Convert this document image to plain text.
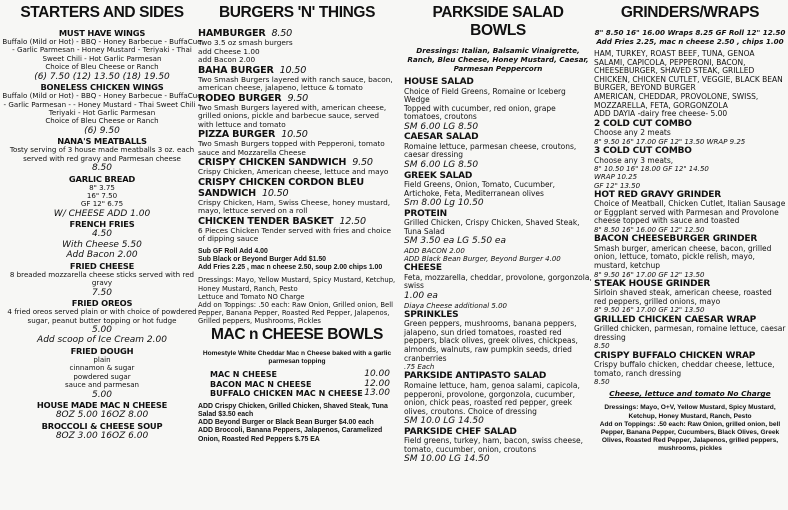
STARTERS AND SIDES
MUST HAVE WINGS
Buffalo (Mild or Hot) - BBQ - Honey Barbecue - BuffaCue - Garlic Parmesan - Honey Mustard - Teriyaki - Thai Sweet Chili - Hot Garlic Parmesan
Choice of Bleu Cheese or Ranch
(6) 7.50 (12) 13.50 (18) 19.50
BONELESS CHICKEN WINGS
Buffalo (Mild or Hot) - BBQ - Honey Barbecue - BuffaCue - Garlic Parmesan - - Honey Mustard - Thai Sweet Chili - Teriyaki - Hot Garlic Parmesan
Choice of Bleu Cheese or Ranch
(6) 9.50
NANA'S MEATBALLS
Tosty serving of 3 house made meatballs 3 oz. each served with red gravy and Parmesan cheese
8.50
GARLIC BREAD
8" 3.75
16" 7.50
GF 12" 6.75
W/ CHEESE ADD 1.00
FRENCH FRIES
4.50
With Cheese 5.50
Add Bacon 2.00
FRIED CHEESE
8 breaded mozzarella cheese sticks served with red gravy
7.50
FRIED OREOS
4 fried oreos served plain or with choice of powdered sugar, peanut butter topping or hot fudge
5.00
Add scoop of Ice Cream 2.00
FRIED DOUGH
plain
cinnamon & sugar
powdered sugar
sauce and parmesan
5.00
HOUSE MADE MAC N CHEESE
8OZ 5.00 16OZ 8.00
BROCCOLI & CHEESE SOUP
8OZ 3.00 16OZ 6.00
BURGERS 'N' THINGS
HAMBURGER 8.50
Two 3.5 oz smash burgers
add Cheese 1.00
add Bacon 2.00
BAHA BURGER 10.50
Two Smash Burgers layered with ranch sauce, bacon, american cheese, jalapeno, lettuce & tomato
RODEO BURGER 9.50
Two Smash Burgers layered with, american cheese, grilled onions, pickle and barbecue sauce, served with lettuce and tomato
PIZZA BURGER 10.50
Two Smash Burgers topped with Pepperoni, tomato sauce and Mozzarella Cheese
CRISPY CHICKEN SANDWICH 9.50
Crispy Chicken, American cheese, lettuce and mayo
CRISPY CHICKEN CORDON BLEU SANDWICH 10.50
Crispy Chicken, Ham, Swiss Cheese, honey mustard, mayo, lettuce served on a roll
CHICKEN TENDER BASKET 12.50
6 Pieces Chicken Tender served with fries and choice of dipping sauce
Sub GF Roll Add 4.00
Sub Black or Beyond Burger Add $1.50
Add Fries 2.25 , mac n cheese 2.50, soup 2.00 chips 1.00
Dressings: Mayo, Yellow Mustard, Spicy Mustard, Ketchup, Honey Mustard, Ranch, Pesto
Lettuce and Tomato NO Charge
Add on Toppings: .50 each: Raw Onion, Grilled onion, Bell Pepper, Banana Pepper, Roasted Red Pepper, Jalapenos, Grilled peppers, Mushrooms, Pickles
MAC n CHEESE BOWLS
Homestyle White Cheddar Mac n Cheese baked with a garlic parmesan topping
MAC N CHEESE	10.00
BACON MAC N CHEESE	12.00
BUFFALO CHICKEN MAC N CHEESE 13.00
ADD Crispy Chicken, Grilled Chicken, Shaved Steak, Tuna Salad $3.50 each
ADD Beyond Burger or Black Bean Burger $4.00 each
ADD Broccoli, Banana Peppers, Jalapenos, Caramelized Onion, Roasted Red Peppers $.75 EA
PARKSIDE SALAD BOWLS
Dressings: Italian, Balsamic Vinaigrette, Ranch, Bleu Cheese, Honey Mustard, Caesar, Parmesan Peppercorn
HOUSE SALAD
Choice of Field Greens, Romaine or Iceberg Wedge
Topped with cucumber, red onion, grape tomatoes, croutons
SM 6.00 LG 8.50
CAESAR SALAD
Romaine lettuce, parmesan cheese, croutons, caesar dressing
SM 6.00 LG 8.50
GREEK SALAD
Field Greens, Onion, Tomato, Cucumber, Artichoke, Feta, Mediterranean olives
Sm 8.00 Lg 10.50
PROTEIN
Grilled Chicken, Crispy Chicken, Shaved Steak, Tuna Salad
SM 3.50 ea LG 5.50 ea
ADD BACON 2.00
ADD Black Bean Burger, Beyond Burger 4.00
CHEESE
Feta, mozzarella, cheddar, provolone, gorgonzola, swiss
1.00 ea
Diaya Cheese additional 5.00
SPRINKLES
Green peppers, mushrooms, banana peppers, jalapeno, sun dried tomatoes, roasted red peppers, black olives, greek olives, chickpeas, almonds, walnuts, raw pumpkin seeds, dried cranberries
.75 Each
PARKSIDE ANTIPASTO SALAD
Romaine lettuce, ham, genoa salami, capicola, pepperoni, provolone, gorgonzola, cucumber, onion, chick peas, roasted red pepper, greek olives, croutons. Choice of dressing
SM 10.0 LG 14.50
PARKSIDE CHEF SALAD
Field greens, turkey, ham, bacon, swiss cheese, tomato, cucumber, onion, croutons
SM 10.00 LG 14.50
GRINDERS/WRAPS
8" 8.50 16" 16.00 Wraps 8.25 GF Roll 12" 12.50 Add Fries 2.25, mac n cheese 2.50 , chips 1.00
HAM, TURKEY, ROAST BEEF, TUNA, GENOA SALAMI, CAPICOLA, PEPPERONI, BACON, CHEESEBURGER, SHAVED STEAK, GRILLED CHICKEN, CHICKEN CUTLET, VEGGIE, BLACK BEAN BURGER, BEYOND BURGER
AMERICAN, CHEDDAR, PROVOLONE, SWISS, MOZZARELLA, FETA, GORGONZOLA
ADD DAYIA -dairy free cheese- 5.00
2 COLD CUT COMBO
Choose any 2 meats
8" 9.50 16" 17.00 GF 12" 13.50 WRAP 9.25
3 COLD CUT COMBO
Choose any 3 meats,
8" 10.50 16" 18.00 GF 12" 14.50
WRAP 10.25
GF 12" 13.50
HOT RED GRAVY GRINDER
Choice of Meatball, Chicken Cutlet, Italian Sausage or Eggplant served with Parmesan and Provolone cheese topped with sauce and toasted
8" 8.50 16" 16.00 GF 12" 12.50
BACON CHEESEBURGER GRINDER
Smash burger, american cheese, bacon, grilled onion, lettuce, tomato, pickle relish, mayo, mustard, ketchup
8" 9.50 16" 17.00 GF 12" 13.50
STEAK HOUSE GRINDER
Sirloin shaved steak, american cheese, roasted red peppers, grilled onions, mayo
8" 9.50 16" 17.00 GF 12" 13.50
GRILLED CHICKEN CAESAR WRAP
Grilled chicken, parmesan, romaine lettuce, caesar dressing
8.50
CRISPY BUFFALO CHICKEN WRAP
Crispy buffalo chicken, cheddar cheese, lettuce, tomato, ranch dressing
8.50
Cheese, lettuce and tomato No Charge
Dressings: Mayo, O+V, Yellow Mustard, Spicy Mustard, Ketchup, Honey Mustard, Ranch, Pesto
Add on Toppings: .50 each: Raw Onion, grilled onion, bell Pepper, Banana Pepper, Cucumbers, Black Olives, Greek Olives, Roasted Red Pepper, Jalapenos, grilled peppers, mushrooms, pickles
